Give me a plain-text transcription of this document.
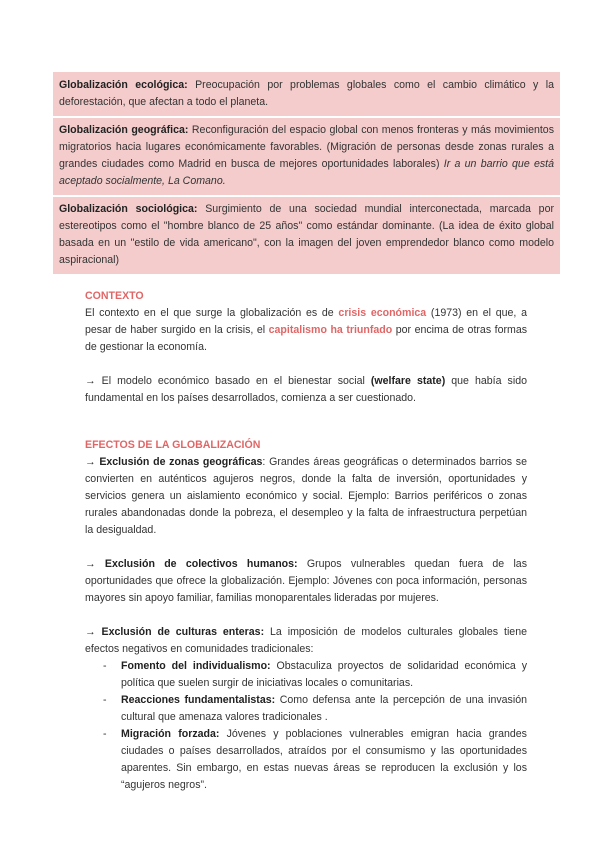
Globalización ecológica: Preocupación por problemas globales como el cambio climático y la deforestación, que afectan a todo el planeta.
Globalización geográfica: Reconfiguración del espacio global con menos fronteras y más movimientos migratorios hacia lugares económicamente favorables. (Migración de personas desde zonas rurales a grandes ciudades como Madrid en busca de mejores oportunidades laborales) Ir a un barrio que está aceptado socialmente, La Comano.
Globalización sociológica: Surgimiento de una sociedad mundial interconectada, marcada por estereotipos como el "hombre blanco de 25 años" como estándar dominante. (La idea de éxito global basada en un "estilo de vida americano", con la imagen del joven emprendedor blanco como modelo aspiracional)

CONTEXTO

El contexto en el que surge la globalización es de crisis económica (1973) en el que, a pesar de haber surgido en la crisis, el capitalismo ha triunfado por encima de otras formas de gestionar la economía.

→ El modelo económico basado en el bienestar social (welfare state) que había sido fundamental en los países desarrollados, comienza a ser cuestionado.

EFECTOS DE LA GLOBALIZACIÓN

→ Exclusión de zonas geográficas: Grandes áreas geográficas o determinados barrios se convierten en auténticos agujeros negros, donde la falta de inversión, oportunidades y servicios genera un aislamiento económico y social. Ejemplo: Barrios periféricos o zonas rurales abandonadas donde la pobreza, el desempleo y la falta de infraestructura perpetúan la desigualdad.

→ Exclusión de colectivos humanos: Grupos vulnerables quedan fuera de las oportunidades que ofrece la globalización. Ejemplo: Jóvenes con poca información, personas mayores sin apoyo familiar, familias monoparentales lideradas por mujeres.

→ Exclusión de culturas enteras: La imposición de modelos culturales globales tiene efectos negativos en comunidades tradicionales:

- Fomento del individualismo: Obstaculiza proyectos de solidaridad económica y política que suelen surgir de iniciativas locales o comunitarias.
- Reacciones fundamentalistas: Como defensa ante la percepción de una invasión cultural que amenaza valores tradicionales .
- Migración forzada: Jóvenes y poblaciones vulnerables emigran hacia grandes ciudades o países desarrollados, atraídos por el consumismo y las oportunidades aparentes. Sin embargo, en estas nuevas áreas se reproducen la exclusión y los “agujeros negros”.
